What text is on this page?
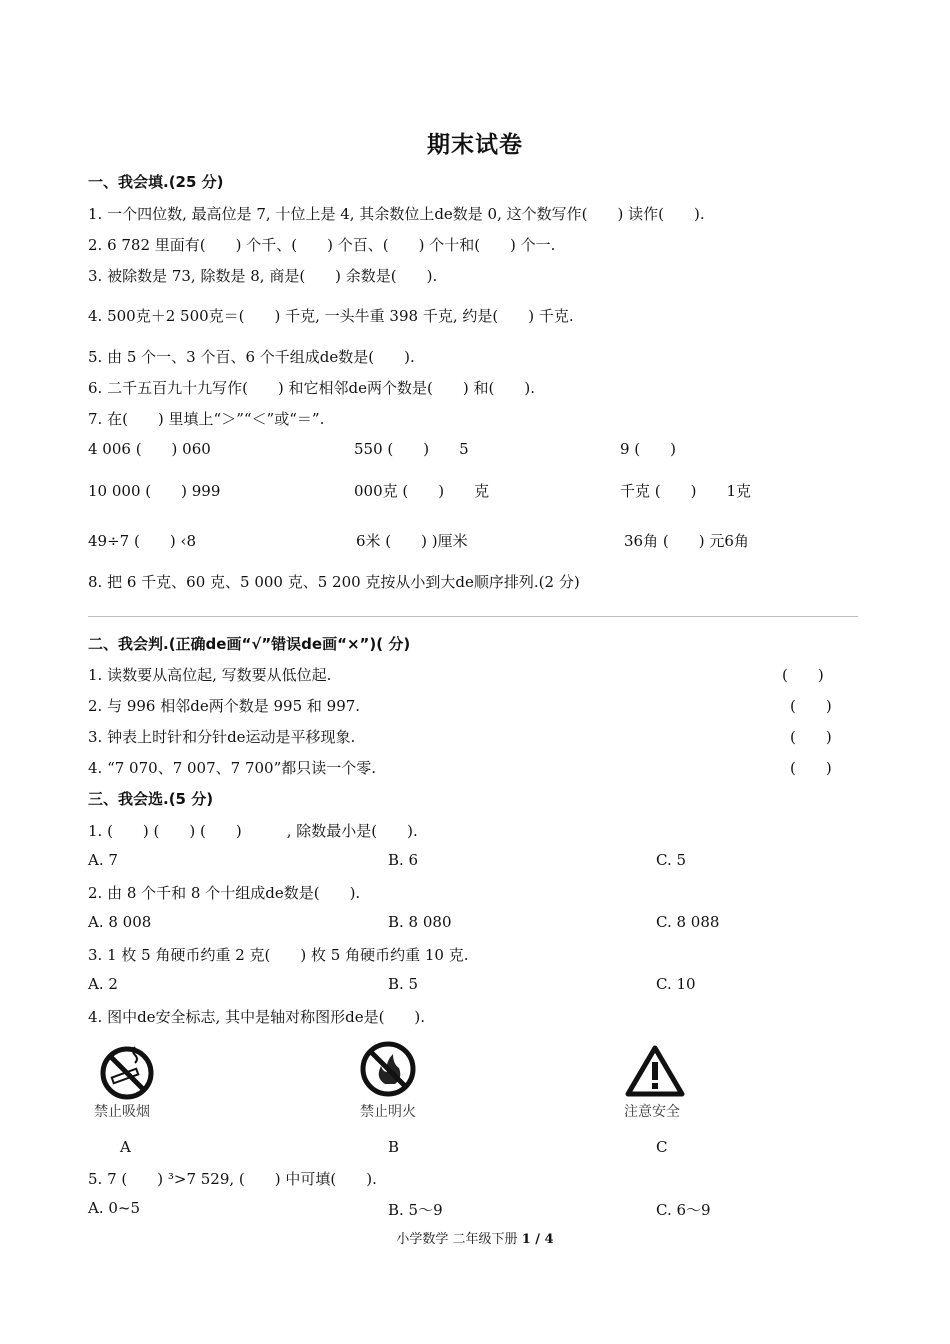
期末试卷
一、我会填.(25 分)
1. 一个四位数, 最高位是 7, 十位上是 4, 其余数位上de数是 0, 这个数写作(　　) 读作(　　).
2. 6 782 里面有(　　) 个千、(　　) 个百、(　　) 个十和(　　) 个一.
3. 被除数是 73, 除数是 8, 商是(　　) 余数是(　　).
4. 500克＋2 500克＝(　　) 千克, 一头牛重 398 千克, 约是(　　) 千克.
5. 由 5 个一、3 个百、6 个千组成de数是(　　).
6. 二千五百九十九写作(　　) 和它相邻de两个数是(　　) 和(　　).
7. 在(　　) 里填上“＞”“＜”或“＝”.
4 006 (　　) 060	550 (　　)　　5	9 (　　)
10 000 (　　) 999	000克 (　　)　　克	千克 (　　)　　1克
49÷7 (　　) ‹8	6米 (　　) )厘米	36角 (　　) 元6角
8. 把 6 千克、60 克、5 000 克、5 200 克按从小到大de顺序排列.(2 分)
二、我会判.(正确de画“√”错误de画“×”)( 分)
1. 读数要从高位起, 写数要从低位起.	(　　)
2. 与 996 相邻de两个数是 995 和 997.	(　　)
3. 钟表上时针和分针de运动是平移现象.	(　　)
4. “7 070、7 007、7 700”都只读一个零.	(　　)
三、我会选.(5 分)
1. (　　) (　　) (　　)　　　, 除数最小是(　　).
A. 7	B. 6	C. 5
2. 由 8 个千和 8 个十组成de数是(　　).
A. 8 008	B. 8 080	C. 8 088
3. 1 枚 5 角硬币约重 2 克(　　) 枚 5 角硬币约重 10 克.
A. 2	B. 5	C. 10
4. 图中de安全标志, 其中是轴对称图形de是(　　).
禁止吸烟
A
禁止明火
B
注意安全
C
5. 7 (　　) ³>7 529, (　　) 中可填(　　).
A. 0~5	B. 5～9	C. 6～9
小学数学 二年级下册 1 / 4
